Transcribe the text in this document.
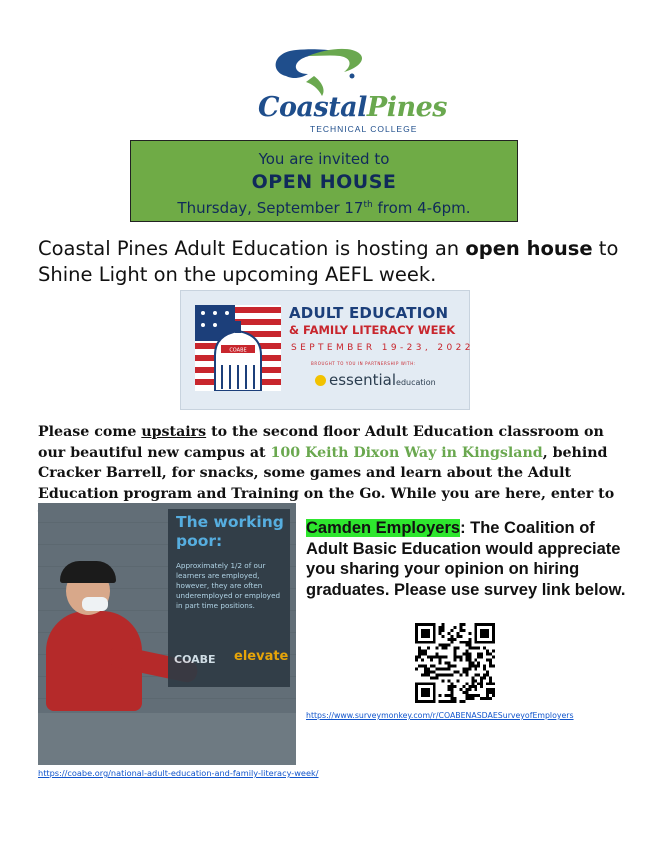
CoastalPines
TECHNICAL COLLEGE
You are invited to
OPEN HOUSE
Thursday, September 17th from 4-6pm.
Coastal Pines Adult Education is hosting an open house to Shine Light on the upcoming AEFL week.
COABE
ADULT EDUCATION
& FAMILY LITERACY WEEK
SEPTEMBER 19-23, 2022
BROUGHT TO YOU IN PARTNERSHIP WITH:
essentialeducation
Please come upstairs to the second floor Adult Education classroom on our beautiful new campus at 100 Keith Dixon Way in Kingsland, behind Cracker Barrell, for snacks, some games and learn about the Adult Education program and Training on the Go. While you are here, enter to
The working poor:
Approximately 1/2 of our learners are employed, however, they are often underemployed or employed in part time positions.
COABE elevate
Camden Employers: The Coalition of Adult Basic Education would appreciate you sharing your opinion on hiring graduates. Please use survey link below.
https://www.surveymonkey.com/r/COABENASDAESurveyofEmployers
https://coabe.org/national-adult-education-and-family-literacy-week/
